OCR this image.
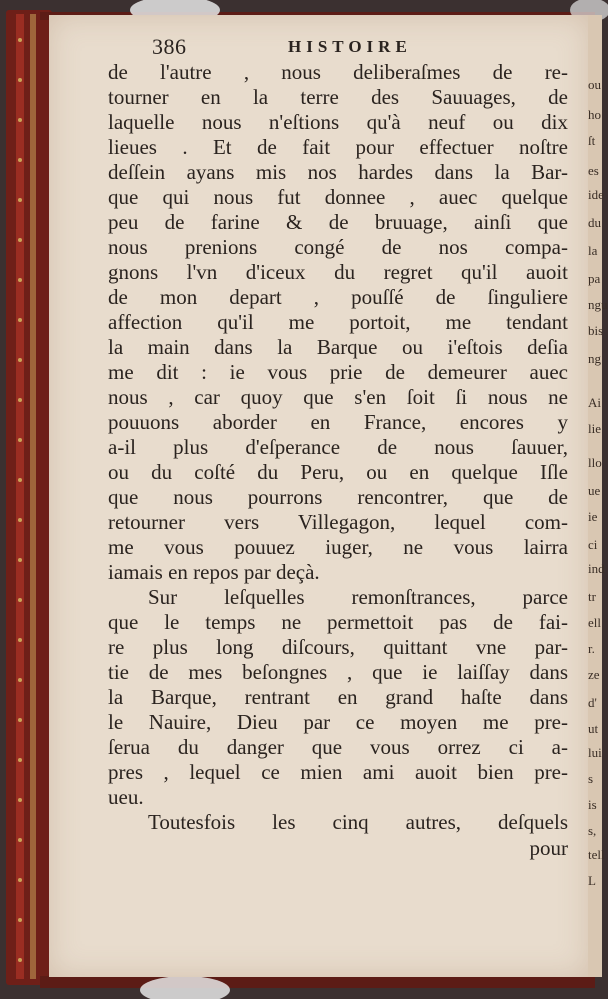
ou
ho
ſt
es
ide
du
la
pa
ngu
bis
ng
Ai
lie
llo
ue
ie
ci
ind
tr
ell
r.
ze
d'
ut
lui
s
is
s,
tell
L
386	HISTOIRE
de l'autre , nous deliberaſmes de re-
tourner en la terre des Sauuages, de
laquelle nous n'eſtions qu'à neuf ou dix
lieues . Et de fait pour effectuer noſtre
deſſein ayans mis nos hardes dans la Bar-
que qui nous fut donnee , auec quelque
peu de farine & de bruuage, ainſi que
nous prenions congé de nos compa-
gnons l'vn d'iceux du regret qu'il auoit
de mon depart , pouſſé de ſinguliere
affection qu'il me portoit, me tendant
la main dans la Barque ou i'eſtois deſia
me dit : ie vous prie de demeurer auec
nous , car quoy que s'en ſoit ſi nous ne
pouuons aborder en France, encores y
a-il plus d'eſperance de nous ſauuer,
ou du coſté du Peru, ou en quelque Iſle
que nous pourrons rencontrer, que de
retourner vers Villegagon, lequel com-
me vous pouuez iuger, ne vous lairra
iamais en repos par deçà.
Sur leſquelles remonſtrances, parce
que le temps ne permettoit pas de fai-
re plus long diſcours, quittant vne par-
tie de mes beſongnes , que ie laiſſay dans
la Barque, rentrant en grand haſte dans
le Nauire, Dieu par ce moyen me pre-
ſerua du danger que vous orrez ci a-
pres , lequel ce mien ami auoit bien pre-
ueu.
Toutesfois les cinq autres, deſquels
pour
